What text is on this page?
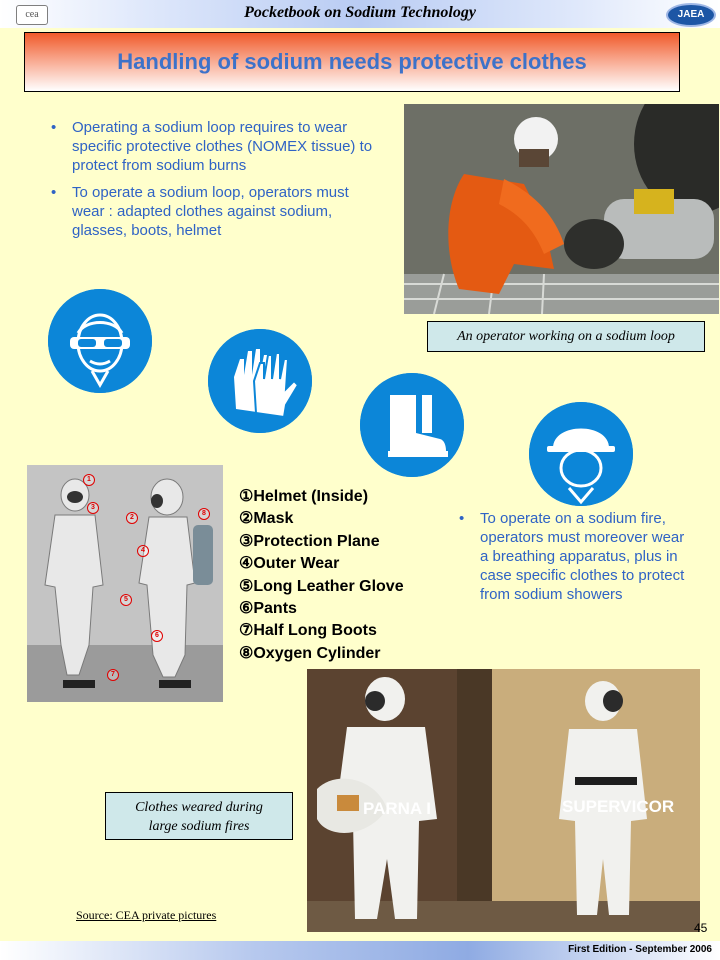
cea	Pocketbook on Sodium Technology	JAEA
Handling of sodium needs protective clothes
• Operating a sodium loop requires to wear specific protective clothes (NOMEX tissue) to protect from sodium burns
• To operate a sodium loop, operators must wear : adapted clothes against sodium, glasses, boots, helmet
An operator working on a sodium loop
1
3
2
8
4
5
6
7
①Helmet (Inside)
②Mask
③Protection Plane
④Outer Wear
⑤Long Leather Glove
⑥Pants
⑦Half Long Boots
⑧Oxygen Cylinder
• To operate on a sodium fire, operators must moreover wear a breathing apparatus, plus in case specific clothes to protect from sodium showers
PARNA I	SUPERVICOR
Clothes weared during
large sodium fires
Source: CEA private pictures
45
First Edition - September 2006
